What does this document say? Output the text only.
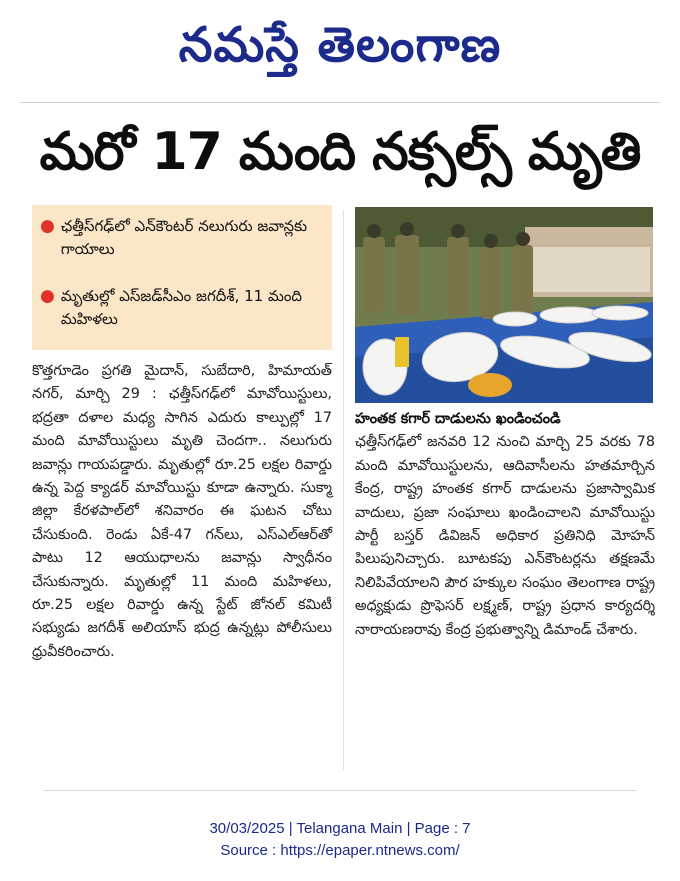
నమస్తే తెలంగాణ
మరో 17 మంది నక్సల్స్ మృతి
● ఛత్తీస్‌గఢ్‌లో ఎన్‌కౌంటర్ నలుగురు జవాన్లకు గాయాలు
● మృతుల్లో ఎస్‌జడ్‌సీఎం జగదీశ్, 11 మంది మహిళలు
కొత్తగూడెం ప్రగతి మైదాన్, సుబేదారి, హిమాయత్ నగర్, మార్చి 29 : ఛత్తీస్‌గఢ్‌లో మావోయిస్టులు, భద్రతా దళాల మధ్య సాగిన ఎదురు కాల్పుల్లో 17 మంది మావోయిస్టులు మృతి చెందగా.. నలుగురు జవాన్లు గాయపడ్డారు. మృతుల్లో రూ.25 లక్షల రివార్డు ఉన్న పెద్ద క్యాడర్ మావోయిస్టు కూడా ఉన్నారు. సుక్మా జిల్లా కేరళపాల్‌లో శనివారం ఈ ఘటన చోటు చేసుకుంది. రెండు ఏకే-47 గన్‌లు, ఎస్‌ఎల్‌ఆర్‌తో పాటు 12 ఆయుధాలను జవాన్లు స్వాధీనం చేసుకున్నారు. మృతుల్లో 11 మంది మహిళలు, రూ.25 లక్షల రివార్డు ఉన్న స్టేట్ జోనల్ కమిటీ సభ్యుడు జగదీశ్ అలియాస్ భుద్ర ఉన్నట్లు పోలీసులు ధ్రువీకరించారు.
హంతక కగార్ దాడులను ఖండించండి
ఛత్తీస్‌గఢ్‌లో జనవరి 12 నుంచి మార్చి 25 వరకు 78 మంది మావోయిస్టులను, ఆదివాసీలను హతమార్చిన కేంద్ర, రాష్ట్ర హంతక కగార్ దాడులను ప్రజాస్వామిక వాదులు, ప్రజా సంఘాలు ఖండించాలని మావోయిస్టు పార్టీ బస్తర్ డివిజన్ అధికార ప్రతినిధి మోహన్ పిలుపునిచ్చారు. బూటకపు ఎన్‌కౌంటర్లను తక్షణమే నిలిపివేయాలని పౌర హక్కుల సంఘం తెలంగాణ రాష్ట్ర అధ్యక్షుడు ప్రొఫెసర్ లక్ష్మణ్, రాష్ట్ర ప్రధాన కార్యదర్శి నారాయణరావు కేంద్ర ప్రభుత్వాన్ని డిమాండ్ చేశారు.
30/03/2025 | Telangana Main | Page : 7
Source : https://epaper.ntnews.com/
